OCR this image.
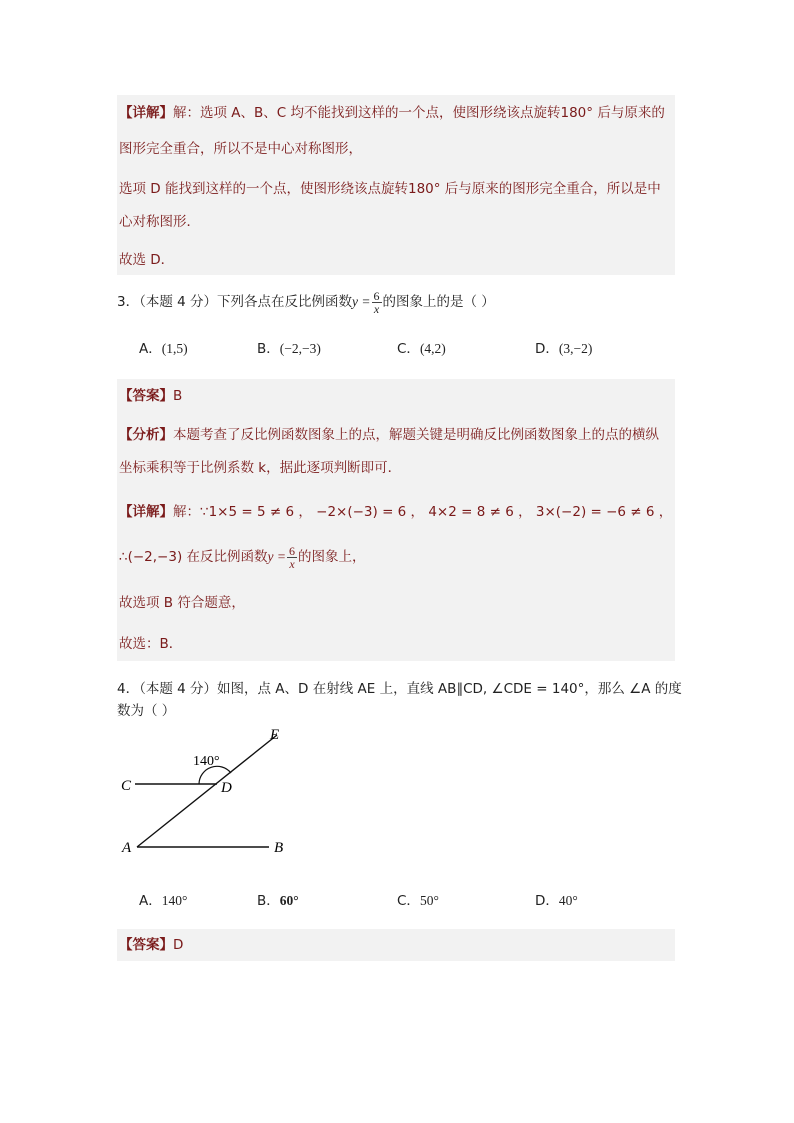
【详解】解：选项 A、B、C 均不能找到这样的一个点，使图形绕该点旋转180° 后与原来的
图形完全重合，所以不是中心对称图形，
选项 D 能找到这样的一个点，使图形绕该点旋转180° 后与原来的图形完全重合，所以是中
心对称图形．
故选 D．
3．（本题 4 分）下列各点在反比例函数$y = \frac{6}{x}$ 的图象上的是（ ）
A．(1,5)	B．(−2,−3)	C．(4,2)	D．(3,−2)
【答案】B
【分析】本题考查了反比例函数图象上的点，解题关键是明确反比例函数图象上的点的横纵
坐标乘积等于比例系数 k，据此逐项判断即可．
【详解】解：∵1×5 = 5 ≠ 6 ， −2×(−3) = 6 ， 4×2 = 8 ≠ 6 ， 3×(−2) = −6 ≠ 6 ，
∴(−2,−3) 在反比例函数$y = \frac{6}{x}$ 的图象上，
故选项 B 符合题意，
故选：B．
4．（本题 4 分）如图，点 A、D 在射线 AE 上，直线 AB∥CD, ∠CDE = 140°，那么 ∠A 的度
数为（ ）
140°
C	D
E
A	B
A．140°	B．60°	C．50°	D．40°
【答案】D
